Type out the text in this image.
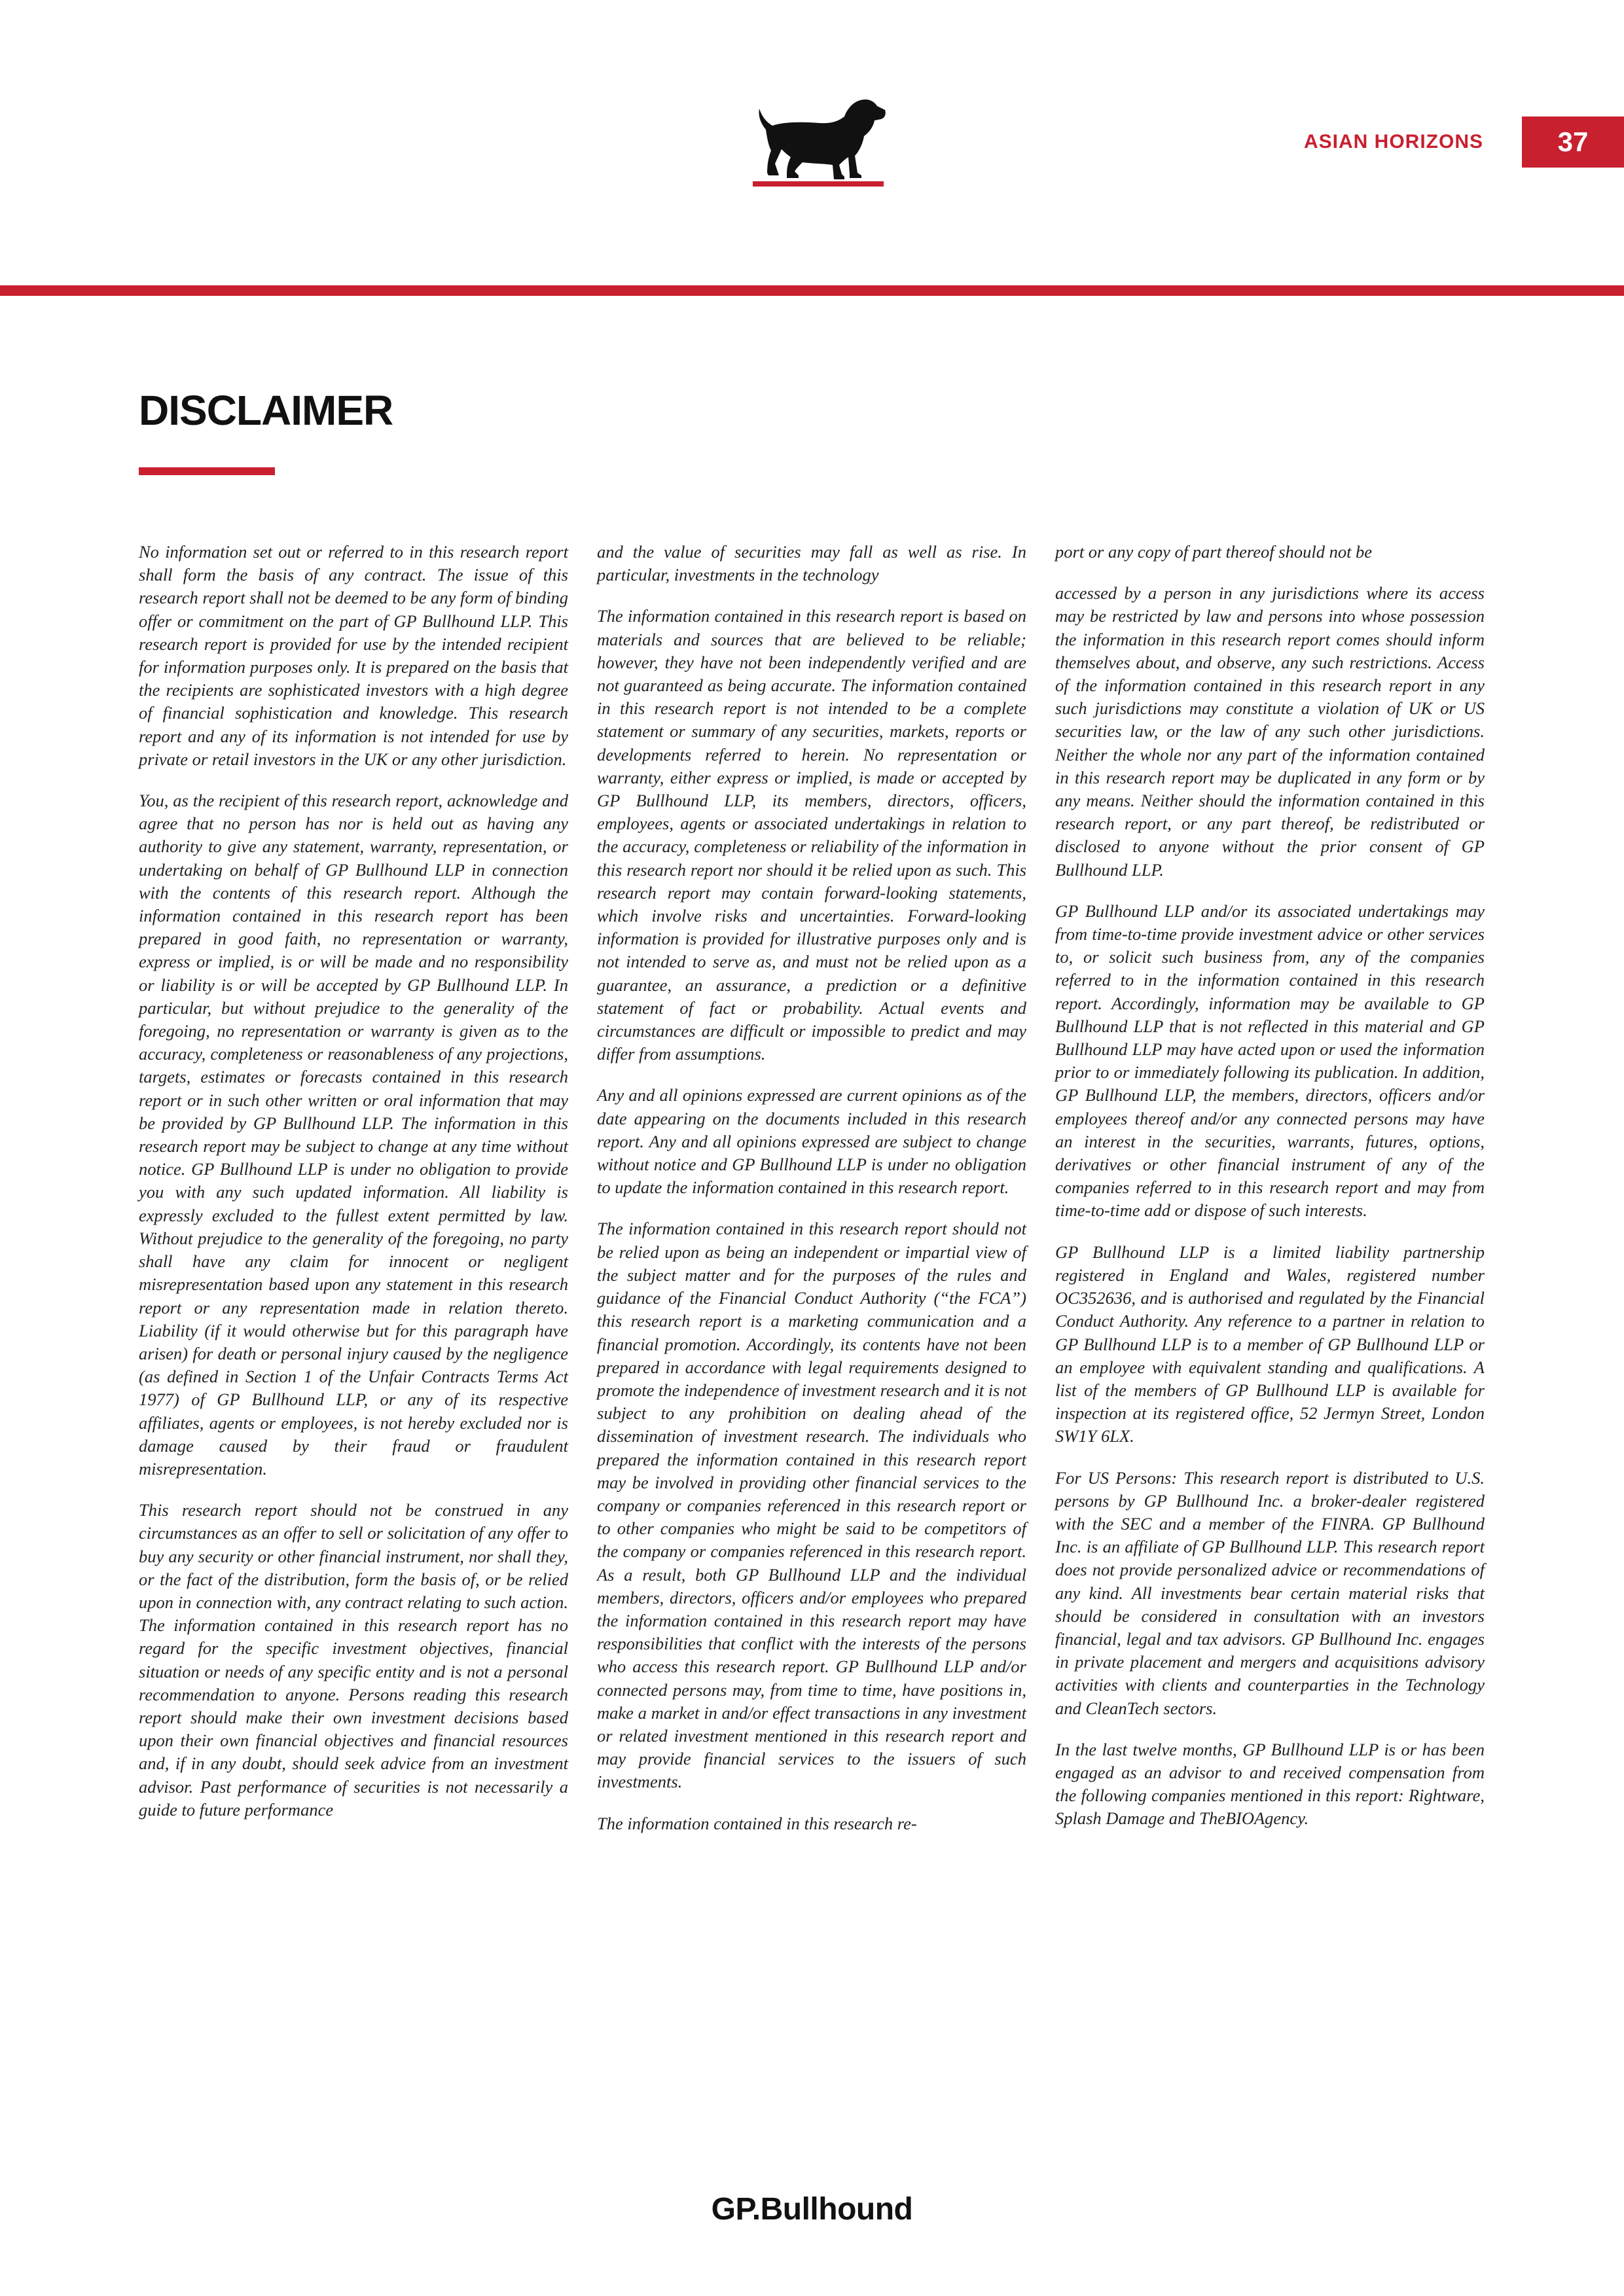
ASIAN HORIZONS	37
DISCLAIMER

No information set out or referred to in this research report shall form the basis of any contract. The issue of this research report shall not be deemed to be any form of binding offer or commitment on the part of GP Bullhound LLP. This research report is provided for use by the intended recipient for information purposes only. It is prepared on the basis that the recipients are sophisticated investors with a high degree of financial sophistication and knowledge. This research report and any of its information is not intended for use by private or retail investors in the UK or any other jurisdiction.

You, as the recipient of this research report, acknowledge and agree that no person has nor is held out as having any authority to give any statement, warranty, representation, or undertaking on behalf of GP Bullhound LLP in connection with the contents of this research report. Although the information contained in this research report has been prepared in good faith, no representation or warranty, express or implied, is or will be made and no responsibility or liability is or will be accepted by GP Bullhound LLP. In particular, but without prejudice to the generality of the foregoing, no representation or warranty is given as to the accuracy, completeness or reasonableness of any projections, targets, estimates or forecasts contained in this research report or in such other written or oral information that may be provided by GP Bullhound LLP. The information in this research report may be subject to change at any time without notice. GP Bullhound LLP is under no obligation to provide you with any such updated information. All liability is expressly excluded to the fullest extent permitted by law. Without prejudice to the generality of the foregoing, no party shall have any claim for innocent or negligent misrepresentation based upon any statement in this research report or any representation made in relation thereto. Liability (if it would otherwise but for this paragraph have arisen) for death or personal injury caused by the negligence (as defined in Section 1 of the Unfair Contracts Terms Act 1977) of GP Bullhound LLP, or any of its respective affiliates, agents or employees, is not hereby excluded nor is damage caused by their fraud or fraudulent misrepresentation.

This research report should not be construed in any circumstances as an offer to sell or solicitation of any offer to buy any security or other financial instrument, nor shall they, or the fact of the distribution, form the basis of, or be relied upon in connection with, any contract relating to such action. The information contained in this research report has no regard for the specific investment objectives, financial situation or needs of any specific entity and is not a personal recommendation to anyone. Persons reading this research report should make their own investment decisions based upon their own financial objectives and financial resources and, if in any doubt, should seek advice from an investment advisor. Past performance of securities is not necessarily a guide to future performance

and the value of securities may fall as well as rise. In particular, investments in the technology

The information contained in this research report is based on materials and sources that are believed to be reliable; however, they have not been independently verified and are not guaranteed as being accurate. The information contained in this research report is not intended to be a complete statement or summary of any securities, markets, reports or developments referred to herein. No representation or warranty, either express or implied, is made or accepted by GP Bullhound LLP, its members, directors, officers, employees, agents or associated undertakings in relation to the accuracy, completeness or reliability of the information in this research report nor should it be relied upon as such. This research report may contain forward-looking statements, which involve risks and uncertainties. Forward-looking information is provided for illustrative purposes only and is not intended to serve as, and must not be relied upon as a guarantee, an assurance, a prediction or a definitive statement of fact or probability. Actual events and circumstances are difficult or impossible to predict and may differ from assumptions.

Any and all opinions expressed are current opinions as of the date appearing on the documents included in this research report. Any and all opinions expressed are subject to change without notice and GP Bullhound LLP is under no obligation to update the information contained in this research report.

The information contained in this research report should not be relied upon as being an independent or impartial view of the subject matter and for the purposes of the rules and guidance of the Financial Conduct Authority (“the FCA”) this research report is a marketing communication and a financial promotion. Accordingly, its contents have not been prepared in accordance with legal requirements designed to promote the independence of investment research and it is not subject to any prohibition on dealing ahead of the dissemination of investment research. The individuals who prepared the information contained in this research report may be involved in providing other financial services to the company or companies referenced in this research report or to other companies who might be said to be competitors of the company or companies referenced in this research report. As a result, both GP Bullhound LLP and the individual members, directors, officers and/or employees who prepared the information contained in this research report may have responsibilities that conflict with the interests of the persons who access this research report. GP Bullhound LLP and/or connected persons may, from time to time, have positions in, make a market in and/or effect transactions in any investment or related investment mentioned in this research report and may provide financial services to the issuers of such investments.

The information contained in this research re-

port or any copy of part thereof should not be

accessed by a person in any jurisdictions where its access may be restricted by law and persons into whose possession the information in this research report comes should inform themselves about, and observe, any such restrictions. Access of the information contained in this research report in any such jurisdictions may constitute a violation of UK or US securities law, or the law of any such other jurisdictions. Neither the whole nor any part of the information contained in this research report may be duplicated in any form or by any means. Neither should the information contained in this research report, or any part thereof, be redistributed or disclosed to anyone without the prior consent of GP Bullhound LLP.

GP Bullhound LLP and/or its associated undertakings may from time-to-time provide investment advice or other services to, or solicit such business from, any of the companies referred to in the information contained in this research report. Accordingly, information may be available to GP Bullhound LLP that is not reflected in this material and GP Bullhound LLP may have acted upon or used the information prior to or immediately following its publication. In addition, GP Bullhound LLP, the members, directors, officers and/or employees thereof and/or any connected persons may have an interest in the securities, warrants, futures, options, derivatives or other financial instrument of any of the companies referred to in this research report and may from time-to-time add or dispose of such interests.

GP Bullhound LLP is a limited liability partnership registered in England and Wales, registered number OC352636, and is authorised and regulated by the Financial Conduct Authority. Any reference to a partner in relation to GP Bullhound LLP is to a member of GP Bullhound LLP or an employee with equivalent standing and qualifications. A list of the members of GP Bullhound LLP is available for inspection at its registered office, 52 Jermyn Street, London SW1Y 6LX.

For US Persons: This research report is distributed to U.S. persons by GP Bullhound Inc. a broker-dealer registered with the SEC and a member of the FINRA. GP Bullhound Inc. is an affiliate of GP Bullhound LLP. This research report does not provide personalized advice or recommendations of any kind. All investments bear certain material risks that should be considered in consultation with an investors financial, legal and tax advisors. GP Bullhound Inc. engages in private placement and mergers and acquisitions advisory activities with clients and counterparties in the Technology and CleanTech sectors.

In the last twelve months, GP Bullhound LLP is or has been engaged as an advisor to and received compensation from the following companies mentioned in this report: Rightware, Splash Damage and TheBIOAgency.

GP.Bullhound
